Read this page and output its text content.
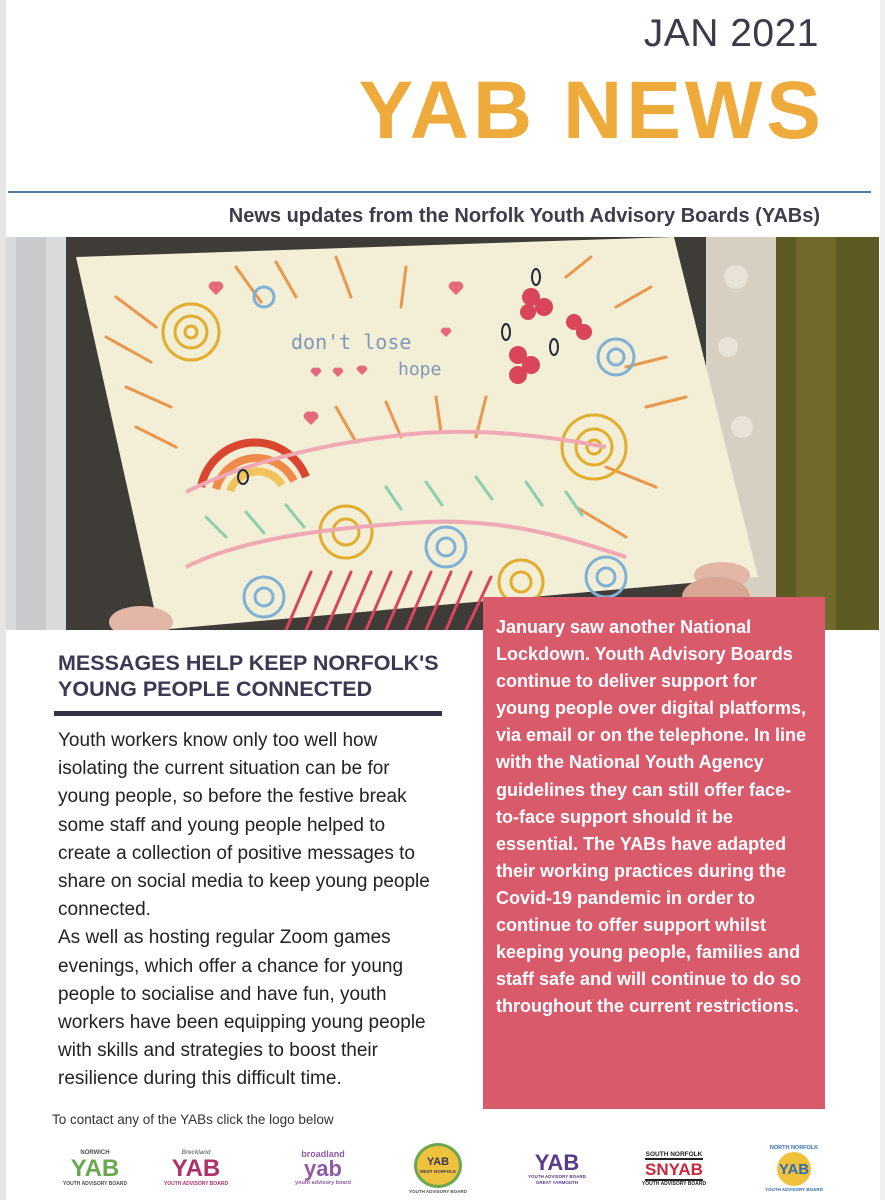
JAN 2021
YAB NEWS
News updates from the Norfolk Youth Advisory Boards (YABs)
don't lose
hope
MESSAGES HELP KEEP NORFOLK'S YOUNG PEOPLE CONNECTED

Youth workers know only too well how isolating the current situation can be for young people, so before the festive break some staff and young people helped to create a collection of positive messages to share on social media to keep young people connected.

As well as hosting regular Zoom games evenings, which offer a chance for young people to socialise and have fun, youth workers have been equipping young people with skills and strategies to boost their resilience during this difficult time.

January saw another National Lockdown. Youth Advisory Boards continue to deliver support for young people over digital platforms, via email or on the telephone. In line with the National Youth Agency guidelines they can still offer face-to-face support should it be essential. The YABs have adapted their working practices during the Covid-19 pandemic in order to continue to offer support whilst keeping young people, families and staff safe and will continue to do so throughout the current restrictions.

To contact any of the YABs click the logo below
NORWICH
YAB
YOUTH ADVISORY BOARD
Breckland
YAB
YOUTH ADVISORY BOARD
broadland
yab
youth advisory board
YAB
WEST NORFOLK
YOUTH ADVISORY BOARD
YAB
YOUTH ADVISORY BOARD GREAT YARMOUTH
SOUTH NORFOLK
SNYAB
YOUTH ADVISORY BOARD
NORTH NORFOLK
YAB
YOUTH ADVISORY BOARD
